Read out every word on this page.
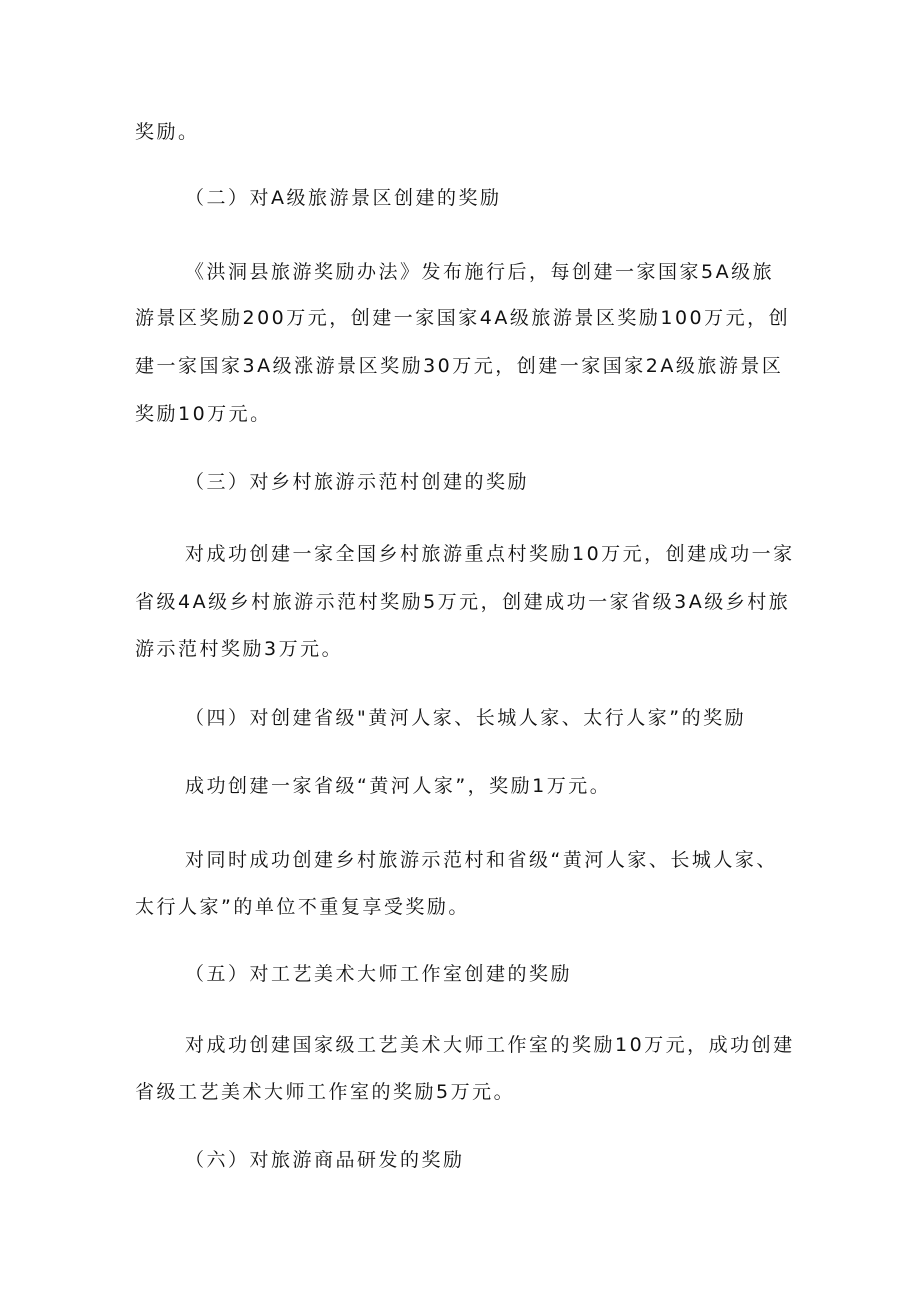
奖励。

（二）对A级旅游景区创建的奖励

《洪洞县旅游奖励办法》发布施行后，每创建一家国家5A级旅

游景区奖励200万元，创建一家国家4A级旅游景区奖励100万元，创

建一家国家3A级涨游景区奖励30万元，创建一家国家2A级旅游景区

奖励10万元。

（三）对乡村旅游示范村创建的奖励

对成功创建一家全国乡村旅游重点村奖励10万元，创建成功一家

省级4A级乡村旅游示范村奖励5万元，创建成功一家省级3A级乡村旅

游示范村奖励3万元。

（四）对创建省级"黄河人家、长城人家、太行人家”的奖励

成功创建一家省级“黄河人家”，奖励1万元。

对同时成功创建乡村旅游示范村和省级“黄河人家、长城人家、

太行人家”的单位不重复享受奖励。

（五）对工艺美术大师工作室创建的奖励

对成功创建国家级工艺美术大师工作室的奖励10万元，成功创建

省级工艺美术大师工作室的奖励5万元。

（六）对旅游商品研发的奖励
